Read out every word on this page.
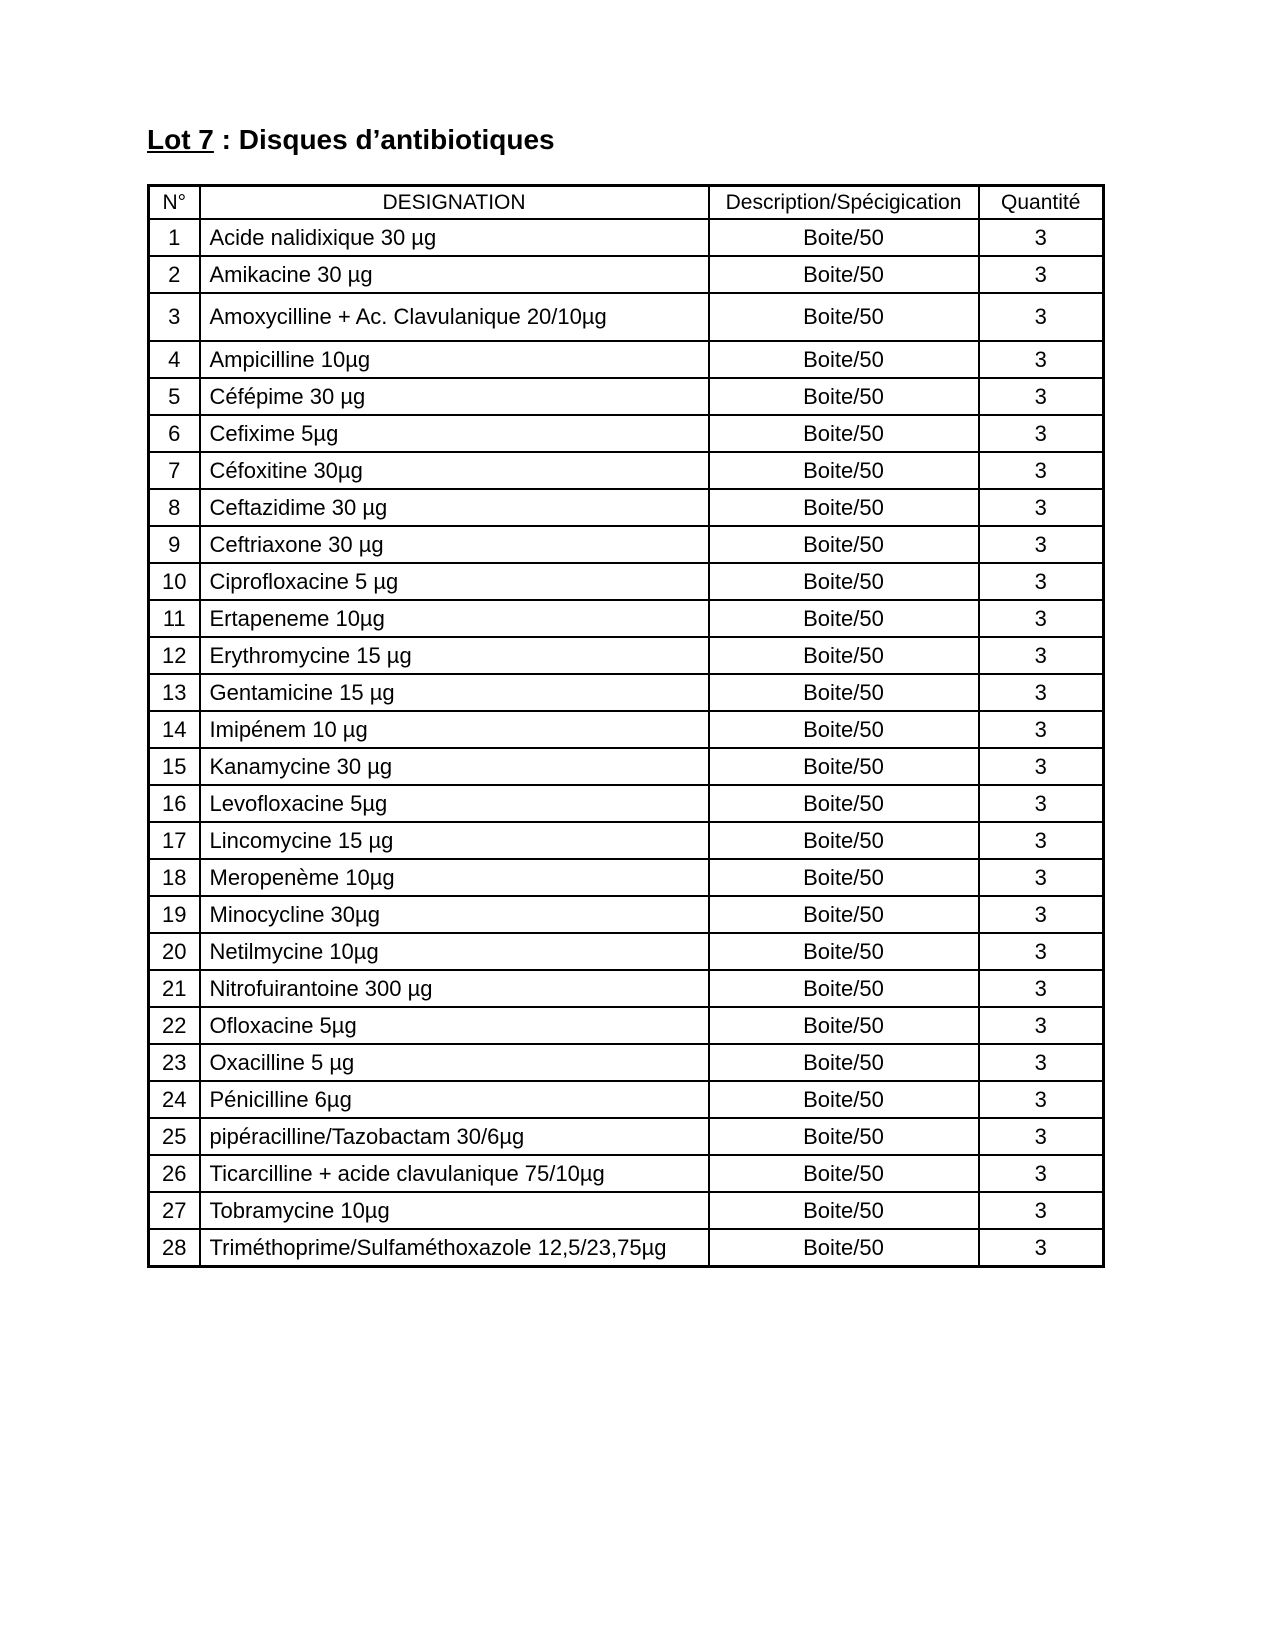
Lot 7 : Disques d’antibiotiques
N°	DESIGNATION	Description/Spécigication	Quantité
1	Acide nalidixique 30 µg	Boite/50	3
2	Amikacine 30 µg	Boite/50	3
3	Amoxycilline + Ac. Clavulanique 20/10µg	Boite/50	3
4	Ampicilline 10µg	Boite/50	3
5	Céfépime 30 µg	Boite/50	3
6	Cefixime 5µg	Boite/50	3
7	Céfoxitine 30µg	Boite/50	3
8	Ceftazidime 30 µg	Boite/50	3
9	Ceftriaxone 30 µg	Boite/50	3
10	Ciprofloxacine 5 µg	Boite/50	3
11	Ertapeneme 10µg	Boite/50	3
12	Erythromycine 15 µg	Boite/50	3
13	Gentamicine 15 µg	Boite/50	3
14	Imipénem 10 µg	Boite/50	3
15	Kanamycine 30 µg	Boite/50	3
16	Levofloxacine 5µg	Boite/50	3
17	Lincomycine 15 µg	Boite/50	3
18	Meropenème 10µg	Boite/50	3
19	Minocycline 30µg	Boite/50	3
20	Netilmycine 10µg	Boite/50	3
21	Nitrofuirantoine 300 µg	Boite/50	3
22	Ofloxacine 5µg	Boite/50	3
23	Oxacilline 5 µg	Boite/50	3
24	Pénicilline 6µg	Boite/50	3
25	pipéracilline/Tazobactam 30/6µg	Boite/50	3
26	Ticarcilline + acide clavulanique 75/10µg	Boite/50	3
27	Tobramycine 10µg	Boite/50	3
28	Triméthoprime/Sulfaméthoxazole 12,5/23,75µg	Boite/50	3
